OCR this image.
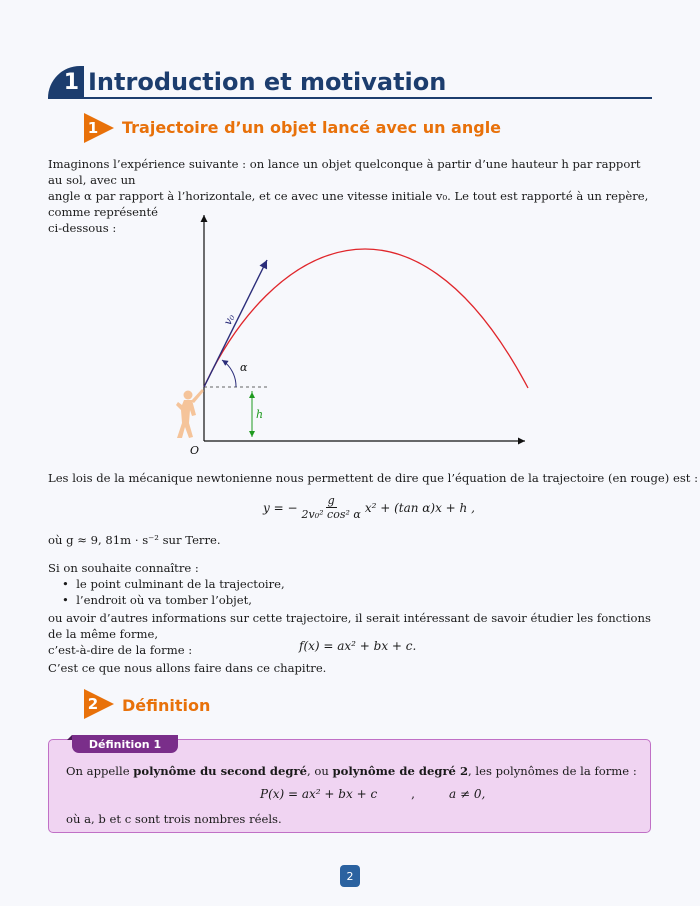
1 Introduction et motivation
1 Trajectoire d’un objet lancé avec un angle

Imaginons l’expérience suivante : on lance un objet quelconque à partir d’une hauteur h par rapport au sol, avec un

angle α par rapport à l’horizontale, et ce avec une vitesse initiale v₀. Le tout est rapporté à un repère, comme représenté

ci-dessous :

v₀
α
h
O

Les lois de la mécanique newtonienne nous permettent de dire que l’équation de la trajectoire (en rouge) est :

y = − $\frac{g}{\text{2v₀² cos² α}} x^2 + (\tan$ α)x + h ,

où g ≈ 9, 81m · s⁻² sur Terre.

Si on souhaite connaître :

•  le point culminant de la trajectoire,
•  l’endroit où va tomber l’objet,

ou avoir d’autres informations sur cette trajectoire, il serait intéressant de savoir étudier les fonctions de la même forme,

c’est-à-dire de la forme :	f(x) = ax² + bx + c.

C’est ce que nous allons faire dans ce chapitre.

2 Définition
Définition 1

On appelle polynôme du second degré, ou polynôme de degré 2, les polynômes de la forme :

P(x) = ax² + bx + c	,	a ≠ 0,

où a, b et c sont trois nombres réels.

2
